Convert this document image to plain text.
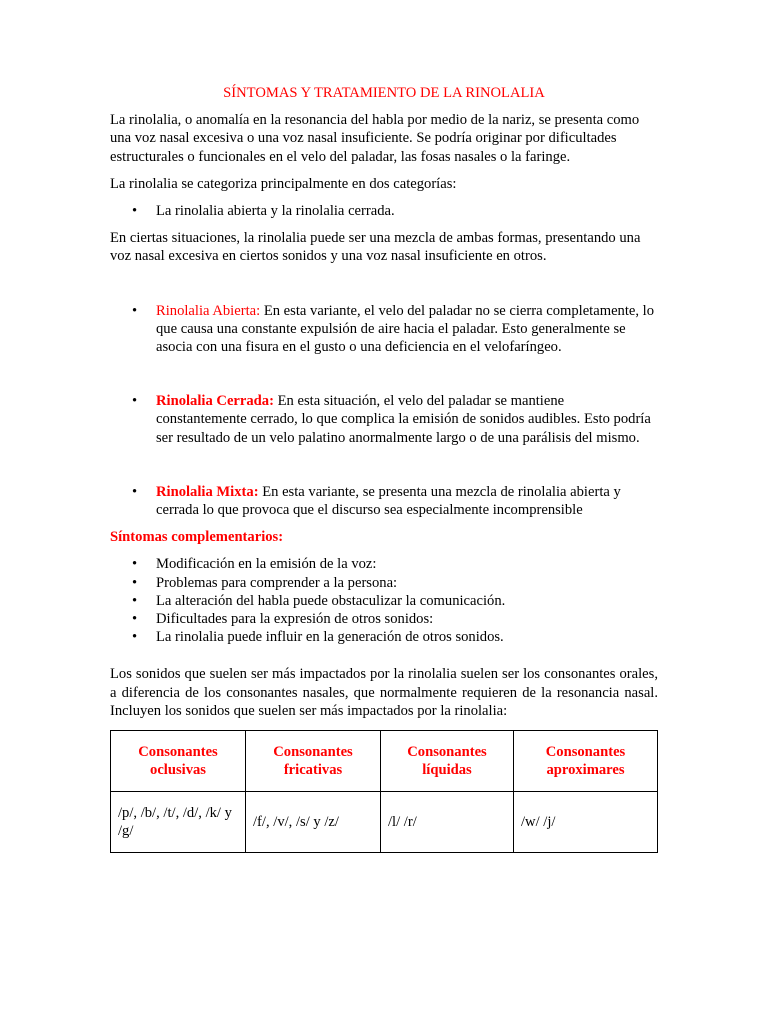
SÍNTOMAS Y TRATAMIENTO DE LA RINOLALIA

La rinolalia, o anomalía en la resonancia del habla por medio de la nariz, se presenta como una voz nasal excesiva o una voz nasal insuficiente. Se podría originar por dificultades estructurales o funcionales en el velo del paladar, las fosas nasales o la faringe.

La rinolalia se categoriza principalmente en dos categorías:

• La rinolalia abierta y la rinolalia cerrada.

En ciertas situaciones, la rinolalia puede ser una mezcla de ambas formas, presentando una voz nasal excesiva en ciertos sonidos y una voz nasal insuficiente en otros.

• Rinolalia Abierta: En esta variante, el velo del paladar no se cierra completamente, lo que causa una constante expulsión de aire hacia el paladar. Esto generalmente se asocia con una fisura en el gusto o una deficiencia en el velofaríngeo.
• Rinolalia Cerrada: En esta situación, el velo del paladar se mantiene constantemente cerrado, lo que complica la emisión de sonidos audibles. Esto podría ser resultado de un velo palatino anormalmente largo o de una parálisis del mismo.
• Rinolalia Mixta: En esta variante, se presenta una mezcla de rinolalia abierta y cerrada lo que provoca que el discurso sea especialmente incomprensible

Síntomas complementarios:

• Modificación en la emisión de la voz:
• Problemas para comprender a la persona:
• La alteración del habla puede obstaculizar la comunicación.
• Dificultades para la expresión de otros sonidos:
• La rinolalia puede influir en la generación de otros sonidos.

Los sonidos que suelen ser más impactados por la rinolalia suelen ser los consonantes orales, a diferencia de los consonantes nasales, que normalmente requieren de la resonancia nasal. Incluyen los sonidos que suelen ser más impactados por la rinolalia:

Consonantes oclusivas	Consonantes fricativas	Consonantes líquidas	Consonantes aproximares
/p/, /b/, /t/, /d/, /k/ y /g/	/f/, /v/, /s/ y /z/	/l/ /r/	/w/ /j/
